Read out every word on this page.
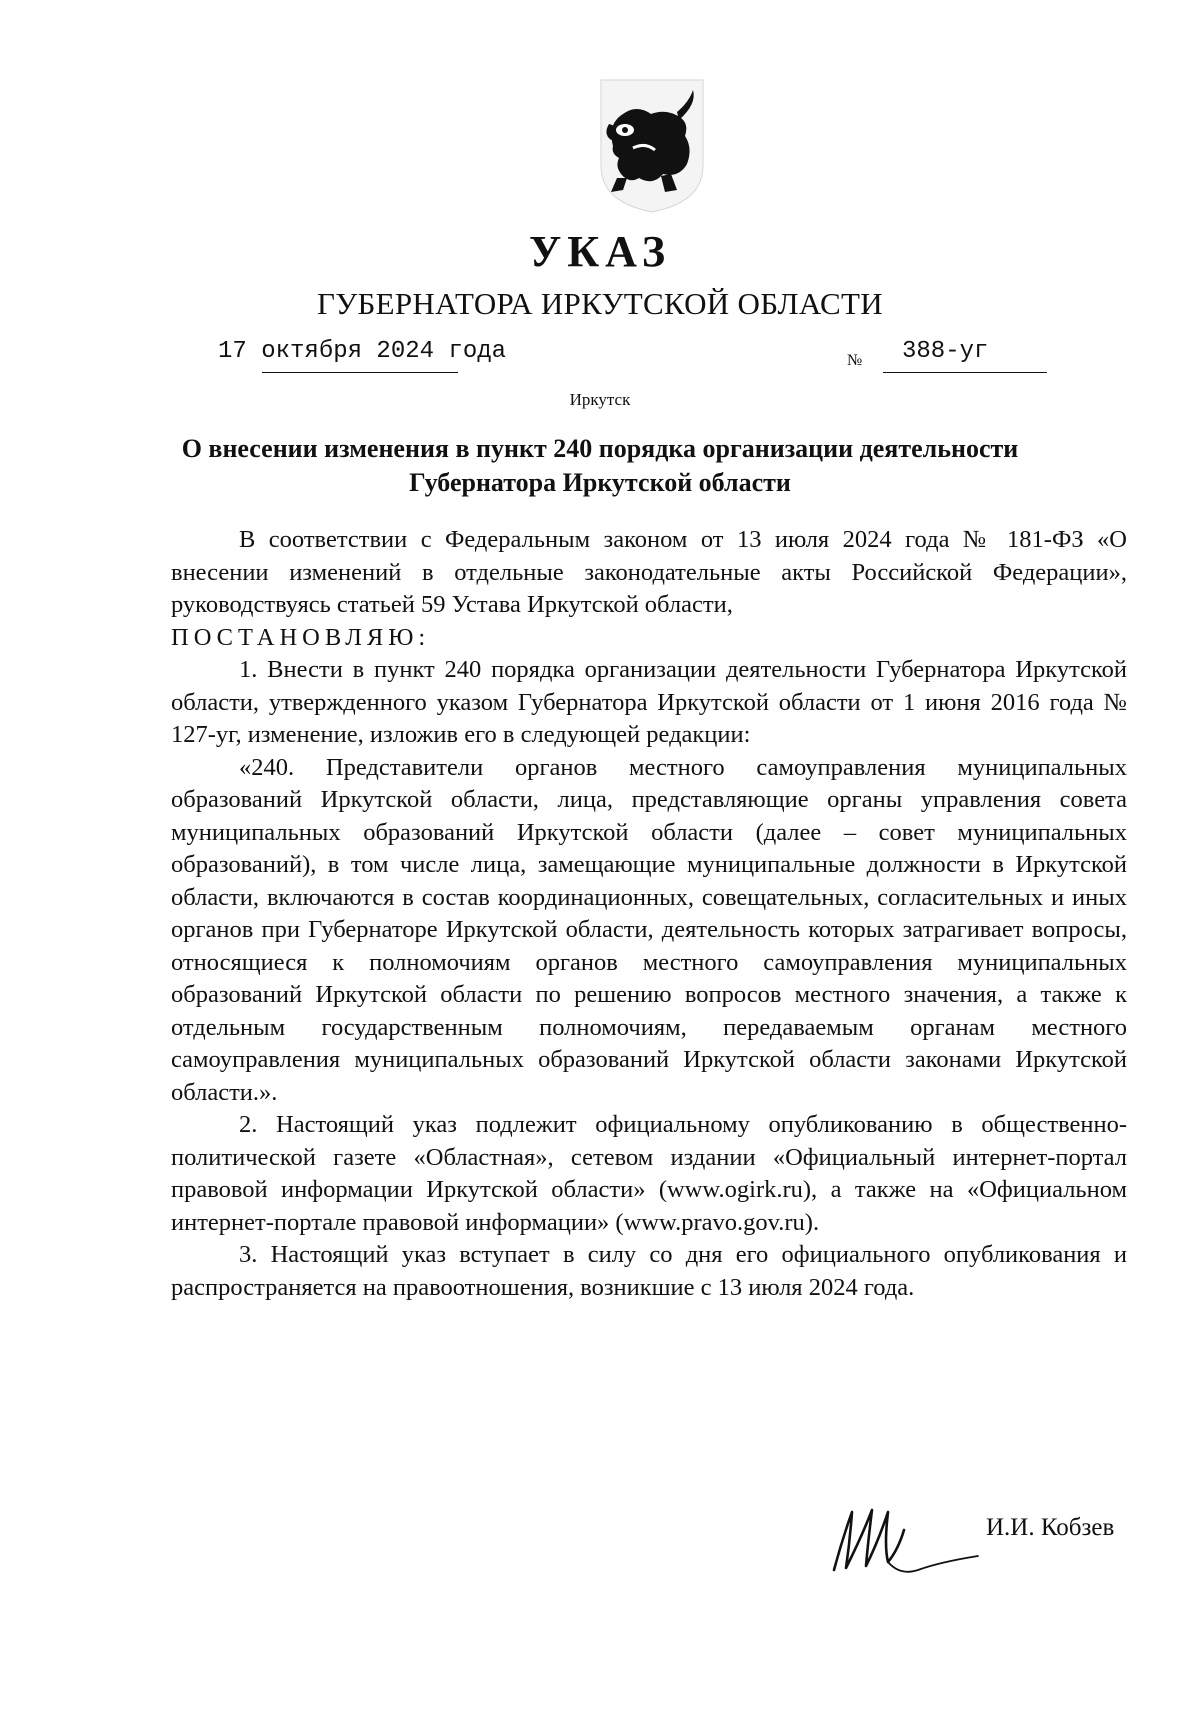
УКАЗ
ГУБЕРНАТОРА ИРКУТСКОЙ ОБЛАСТИ
17 октября 2024 года	№ 388-уг
Иркутск
О внесении изменения в пункт 240 порядка организации деятельности
Губернатора Иркутской области

В соответствии с Федеральным законом от 13 июля 2024 года № 181-ФЗ «О внесении изменений в отдельные законодательные акты Российской Федерации», руководствуясь статьей 59 Устава Иркутской области,

ПОСТАНОВЛЯЮ:

1. Внести в пункт 240 порядка организации деятельности Губернатора Иркутской области, утвержденного указом Губернатора Иркутской области от 1 июня 2016 года № 127-уг, изменение, изложив его в следующей редакции:

«240. Представители органов местного самоуправления муниципальных образований Иркутской области, лица, представляющие органы управления совета муниципальных образований Иркутской области (далее – совет муниципальных образований), в том числе лица, замещающие муниципальные должности в Иркутской области, включаются в состав координационных, совещательных, согласительных и иных органов при Губернаторе Иркутской области, деятельность которых затрагивает вопросы, относящиеся к полномочиям органов местного самоуправления муниципальных образований Иркутской области по решению вопросов местного значения, а также к отдельным государственным полномочиям, передаваемым органам местного самоуправления муниципальных образований Иркутской области законами Иркутской области.».

2. Настоящий указ подлежит официальному опубликованию в общественно-политической газете «Областная», сетевом издании «Официальный интернет-портал правовой информации Иркутской области» (www.ogirk.ru), а также на «Официальном интернет-портале правовой информации» (www.pravo.gov.ru).

3. Настоящий указ вступает в силу со дня его официального опубликования и распространяется на правоотношения, возникшие с 13 июля 2024 года.

И.И. Кобзев
